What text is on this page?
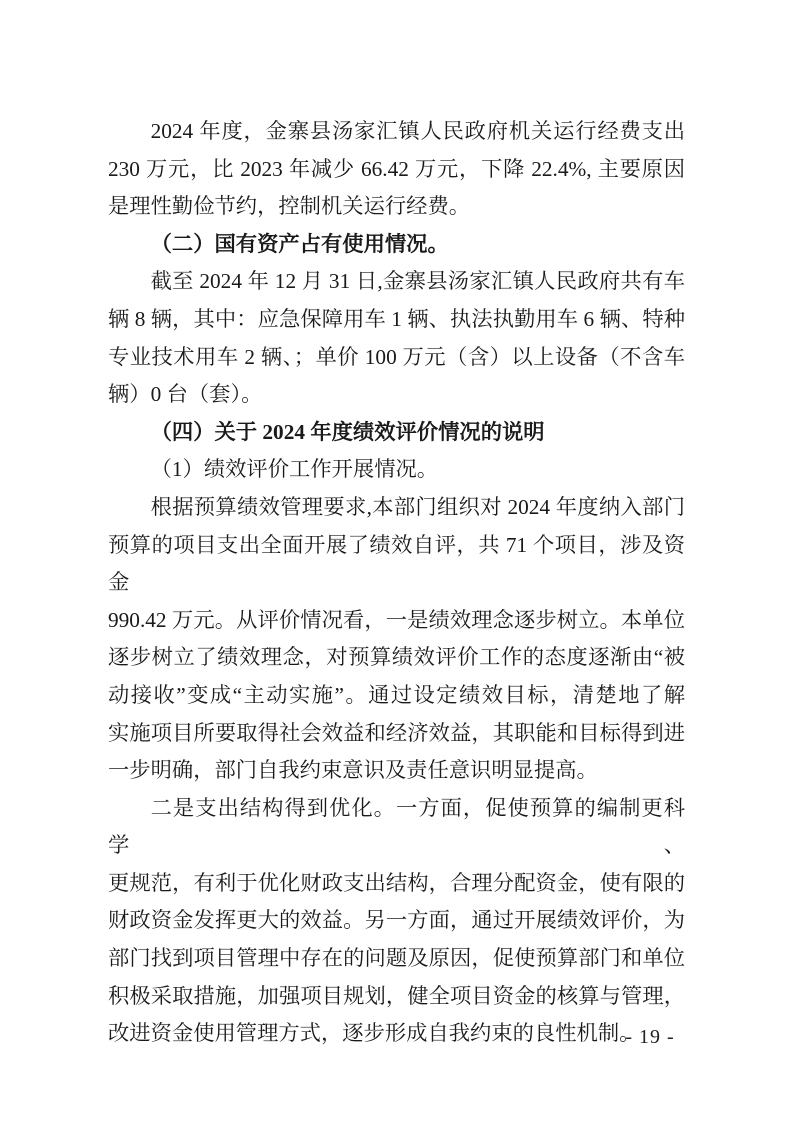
2024 年度，金寨县汤家汇镇人民政府机关运行经费支出
230 万元，比 2023 年减少 66.42 万元，下降 22.4%, 主要原因
是理性勤俭节约，控制机关运行经费。
（二）国有资产占有使用情况。
截至 2024 年 12 月 31 日,金寨县汤家汇镇人民政府共有车
辆 8 辆，其中：应急保障用车 1 辆、执法执勤用车 6 辆、特种
专业技术用车 2 辆、；单价 100 万元（含）以上设备（不含车
辆）0 台（套）。
（四）关于 2024 年度绩效评价情况的说明
（1）绩效评价工作开展情况。
根据预算绩效管理要求,本部门组织对 2024 年度纳入部门
预算的项目支出全面开展了绩效自评，共 71 个项目，涉及资金
990.42 万元。从评价情况看，一是绩效理念逐步树立。本单位
逐步树立了绩效理念，对预算绩效评价工作的态度逐渐由“被
动接收”变成“主动实施”。通过设定绩效目标，清楚地了解
实施项目所要取得社会效益和经济效益，其职能和目标得到进
一步明确，部门自我约束意识及责任意识明显提高。
二是支出结构得到优化。一方面，促使预算的编制更科学、
更规范，有利于优化财政支出结构，合理分配资金，使有限的
财政资金发挥更大的效益。另一方面，通过开展绩效评价，为
部门找到项目管理中存在的问题及原因，促使预算部门和单位
积极采取措施，加强项目规划，健全项目资金的核算与管理，
改进资金使用管理方式，逐步形成自我约束的良性机制。
- 19 -
